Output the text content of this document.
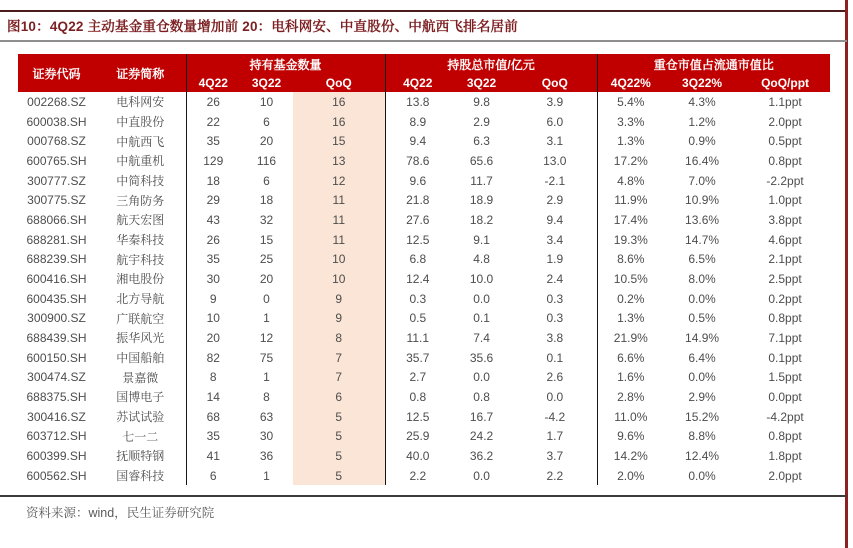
图10：4Q22 主动基金重仓数量增加前 20：电科网安、中直股份、中航西飞排名居前
证券代码	证券简称	持有基金数量			持股总市值/亿元			重仓市值占流通市值比		
		4Q22	3Q22	QoQ	4Q22	3Q22	QoQ	4Q22%	3Q22%	QoQ/ppt
002268.SZ	电科网安	26	10	16	13.8	9.8	3.9	5.4%	4.3%	1.1ppt
600038.SH	中直股份	22	6	16	8.9	2.9	6.0	3.3%	1.2%	2.0ppt
000768.SZ	中航西飞	35	20	15	9.4	6.3	3.1	1.3%	0.9%	0.5ppt
600765.SH	中航重机	129	116	13	78.6	65.6	13.0	17.2%	16.4%	0.8ppt
300777.SZ	中简科技	18	6	12	9.6	11.7	-2.1	4.8%	7.0%	-2.2ppt
300775.SZ	三角防务	29	18	11	21.8	18.9	2.9	11.9%	10.9%	1.0ppt
688066.SH	航天宏图	43	32	11	27.6	18.2	9.4	17.4%	13.6%	3.8ppt
688281.SH	华秦科技	26	15	11	12.5	9.1	3.4	19.3%	14.7%	4.6ppt
688239.SH	航宇科技	35	25	10	6.8	4.8	1.9	8.6%	6.5%	2.1ppt
600416.SH	湘电股份	30	20	10	12.4	10.0	2.4	10.5%	8.0%	2.5ppt
600435.SH	北方导航	9	0	9	0.3	0.0	0.3	0.2%	0.0%	0.2ppt
300900.SZ	广联航空	10	1	9	0.5	0.1	0.3	1.3%	0.5%	0.8ppt
688439.SH	振华风光	20	12	8	11.1	7.4	3.8	21.9%	14.9%	7.1ppt
600150.SH	中国船舶	82	75	7	35.7	35.6	0.1	6.6%	6.4%	0.1ppt
300474.SZ	景嘉微	8	1	7	2.7	0.0	2.6	1.6%	0.0%	1.5ppt
688375.SH	国博电子	14	8	6	0.8	0.8	0.0	2.8%	2.9%	0.0ppt
300416.SZ	苏试试验	68	63	5	12.5	16.7	-4.2	11.0%	15.2%	-4.2ppt
603712.SH	七一二	35	30	5	25.9	24.2	1.7	9.6%	8.8%	0.8ppt
600399.SH	抚顺特钢	41	36	5	40.0	36.2	3.7	14.2%	12.4%	1.8ppt
600562.SH	国睿科技	6	1	5	2.2	0.0	2.2	2.0%	0.0%	2.0ppt
资料来源：wind，民生证券研究院
